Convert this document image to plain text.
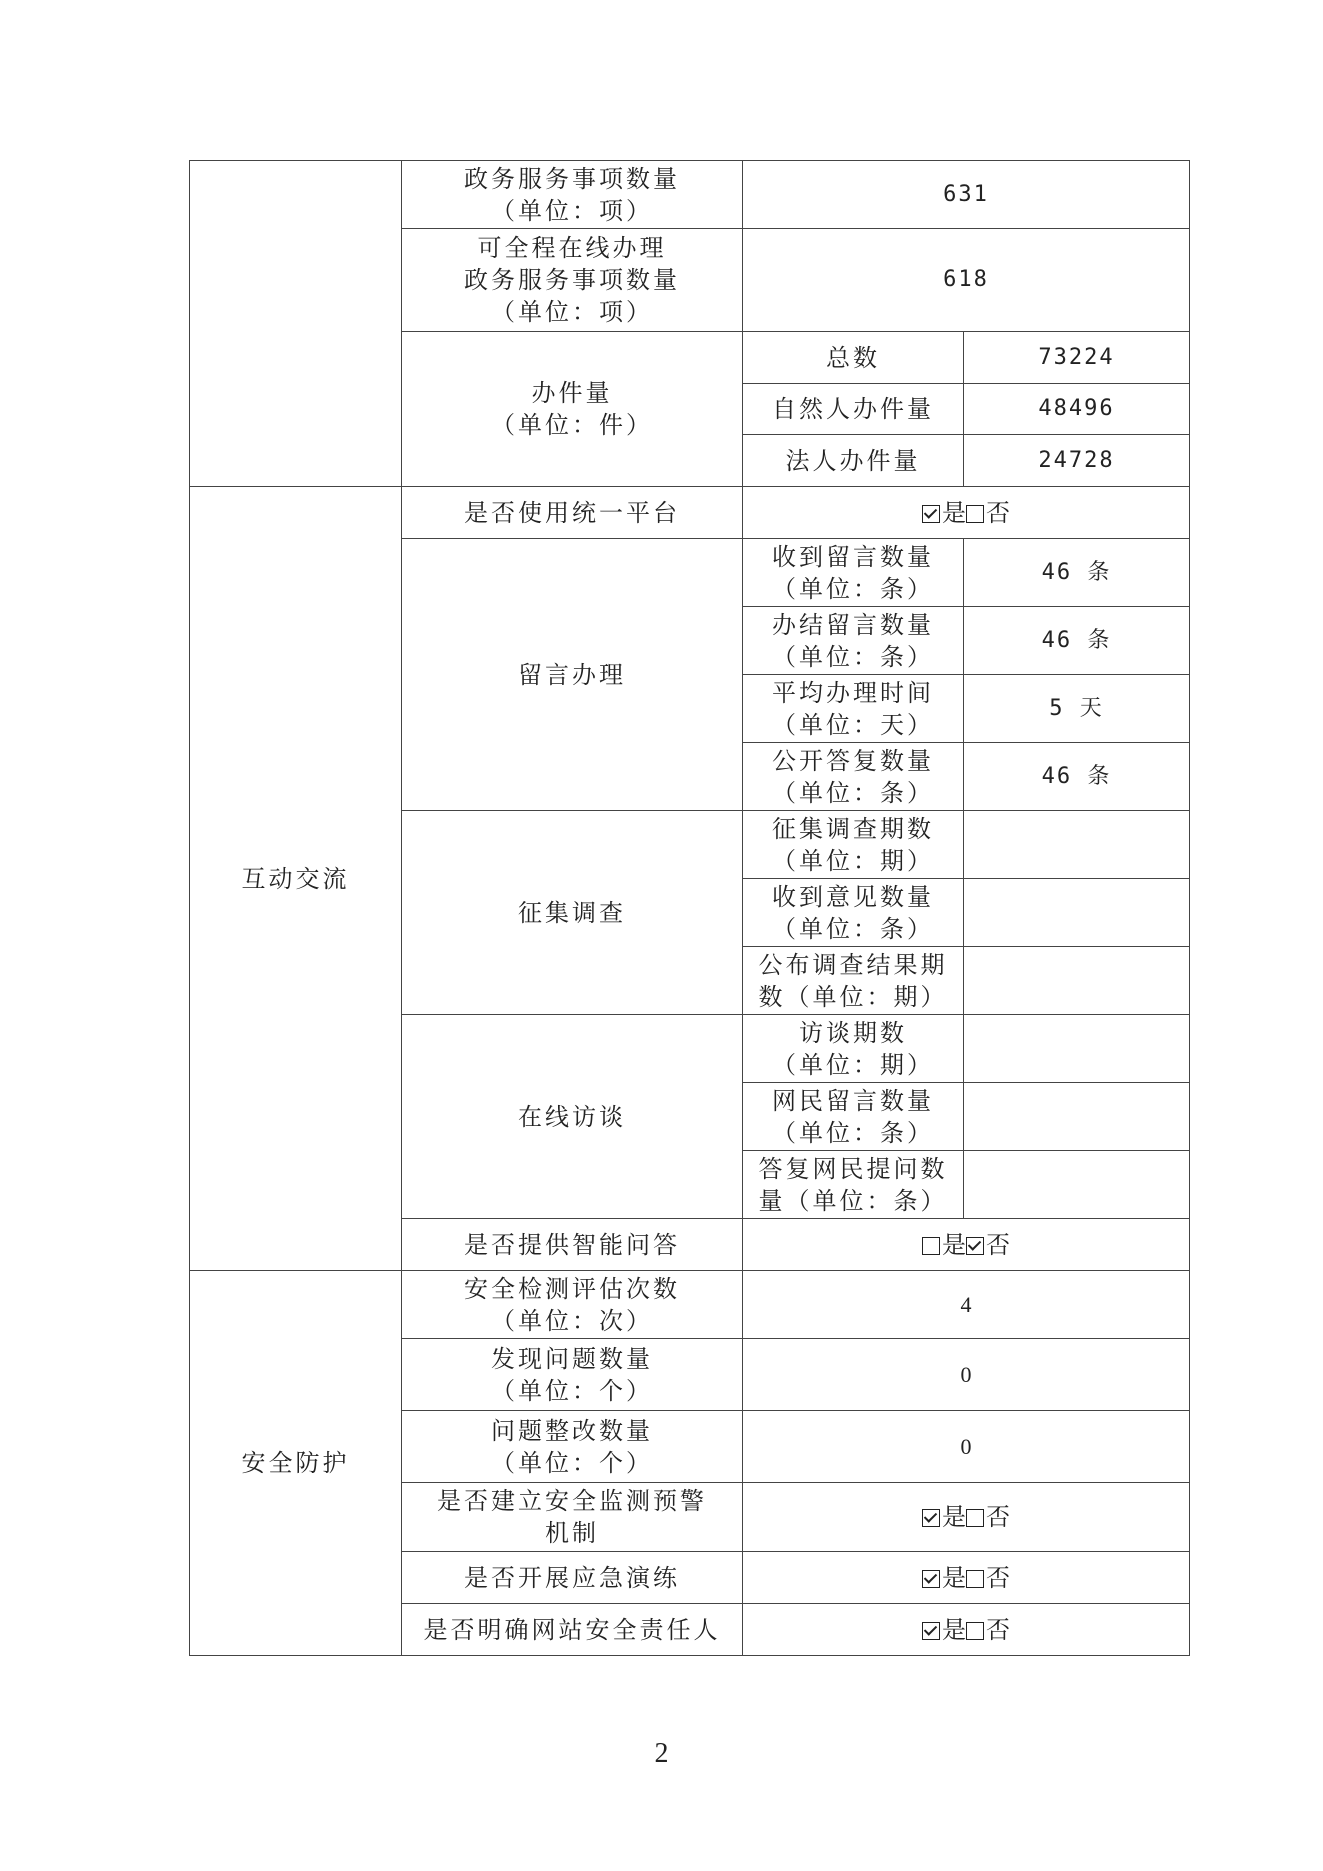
	政务服务事项数量
（单位：项）	631	

	可全程在线办理
政务服务事项数量
（单位：项）	618	

	办件量
（单位：件）	总数	73224
		自然人办件量	48496
		法人办件量	24728
互动交流	是否使用统一平台	是 否	
	留言办理	收到留言数量
（单位：条）	46 条

		办结留言数量
（单位：条）	46 条

		平均办理时间
（单位：天）	5 天

		公开答复数量
（单位：条）	46 条
	征集调查	征集调查期数
（单位：期）	

		收到意见数量
（单位：条）	

		公布调查结果期
数（单位：期）	

	在线访谈	访谈期数
（单位：期）	

		网民留言数量
（单位：条）	

		答复网民提问数
量（单位：条）	

	是否提供智能问答	是 否	
安全防护	安全检测评估次数
（单位：次）	4	

	发现问题数量
（单位：个）	0	

	问题整改数量
（单位：个）	0	

	是否建立安全监测预警
机制	是 否	
	是否开展应急演练	是 否	
	是否明确网站安全责任人	是 否	
2
